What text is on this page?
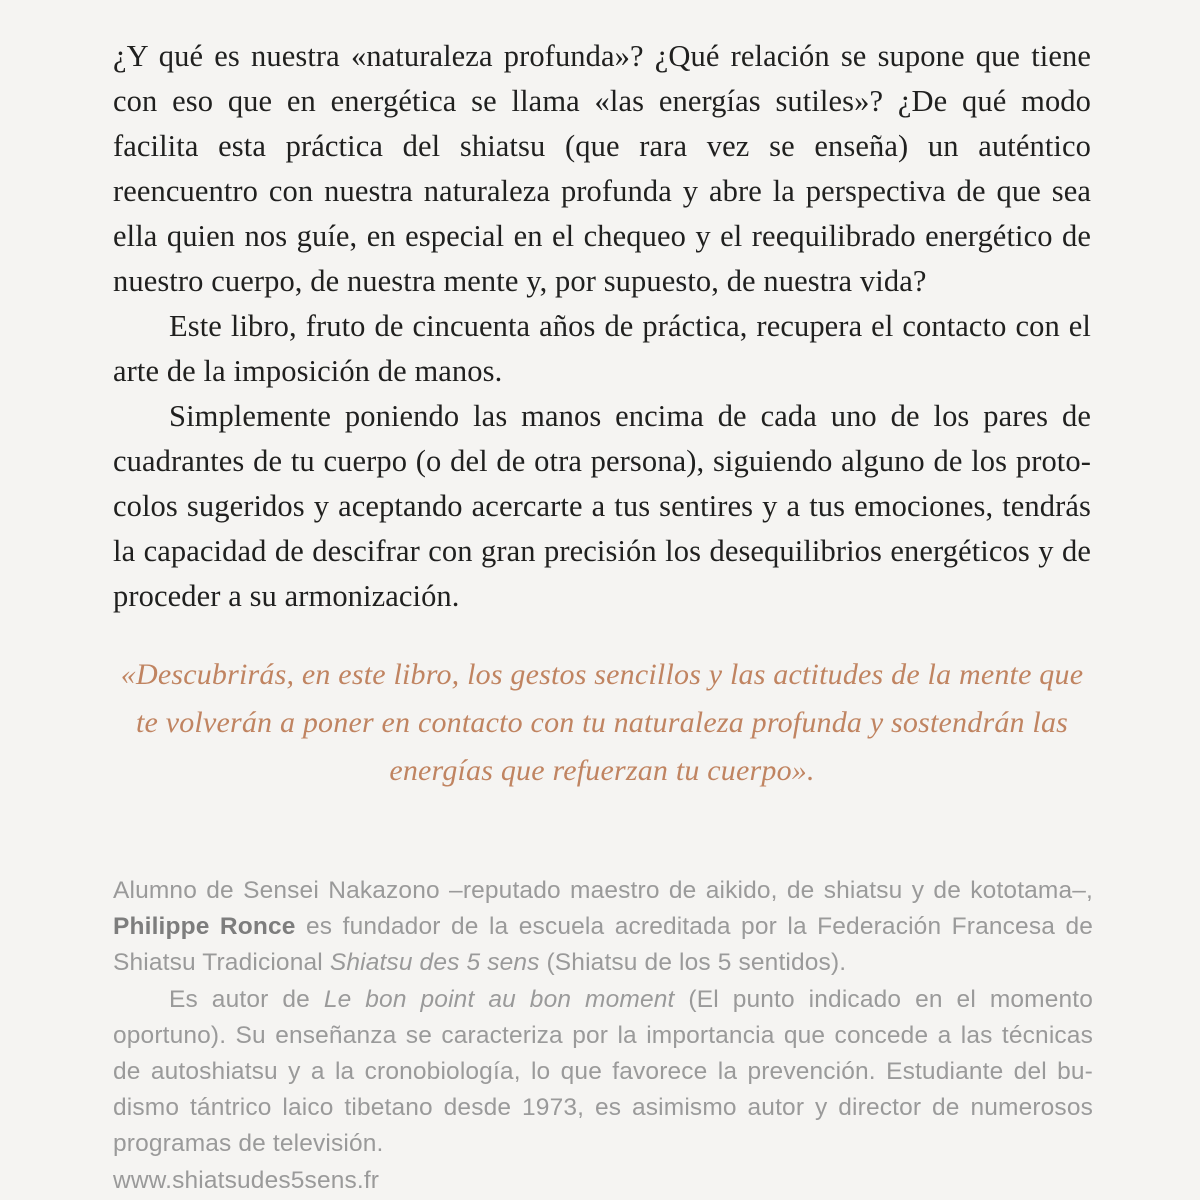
¿Y qué es nuestra «naturaleza profunda»? ¿Qué relación se supone que tiene con eso que en energética se llama «las energías sutiles»? ¿De qué modo facilita esta práctica del shiatsu (que rara vez se enseña) un auténtico reencuentro con nuestra naturaleza profunda y abre la perspectiva de que sea ella quien nos guíe, en especial en el chequeo y el reequilibrado energético de nuestro cuerpo, de nuestra mente y, por supuesto, de nuestra vida?

Este libro, fruto de cincuenta años de práctica, recupera el contacto con el arte de la imposición de manos.

Simplemente poniendo las manos encima de cada uno de los pares de cuadrantes de tu cuerpo (o del de otra persona), siguiendo alguno de los proto-colos sugeridos y aceptando acercarte a tus sentires y a tus emociones, tendrás la capacidad de descifrar con gran precisión los desequilibrios energéticos y de proceder a su armonización.

«Descubrirás, en este libro, los gestos sencillos y las actitudes de la mente que te volverán a poner en contacto con tu naturaleza profunda y sostendrán las energías que refuerzan tu cuerpo».

Alumno de Sensei Nakazono –reputado maestro de aikido, de shiatsu y de kototama–, Philippe Ronce es fundador de la escuela acreditada por la Federación Francesa de Shiatsu Tradicional Shiatsu des 5 sens (Shiatsu de los 5 sentidos).

Es autor de Le bon point au bon moment (El punto indicado en el momento oportuno). Su enseñanza se caracteriza por la importancia que concede a las técnicas de autoshiatsu y a la cronobiología, lo que favorece la prevención. Estudiante del bu-dismo tántrico laico tibetano desde 1973, es asimismo autor y director de numerosos programas de televisión.

www.shiatsudes5sens.fr
